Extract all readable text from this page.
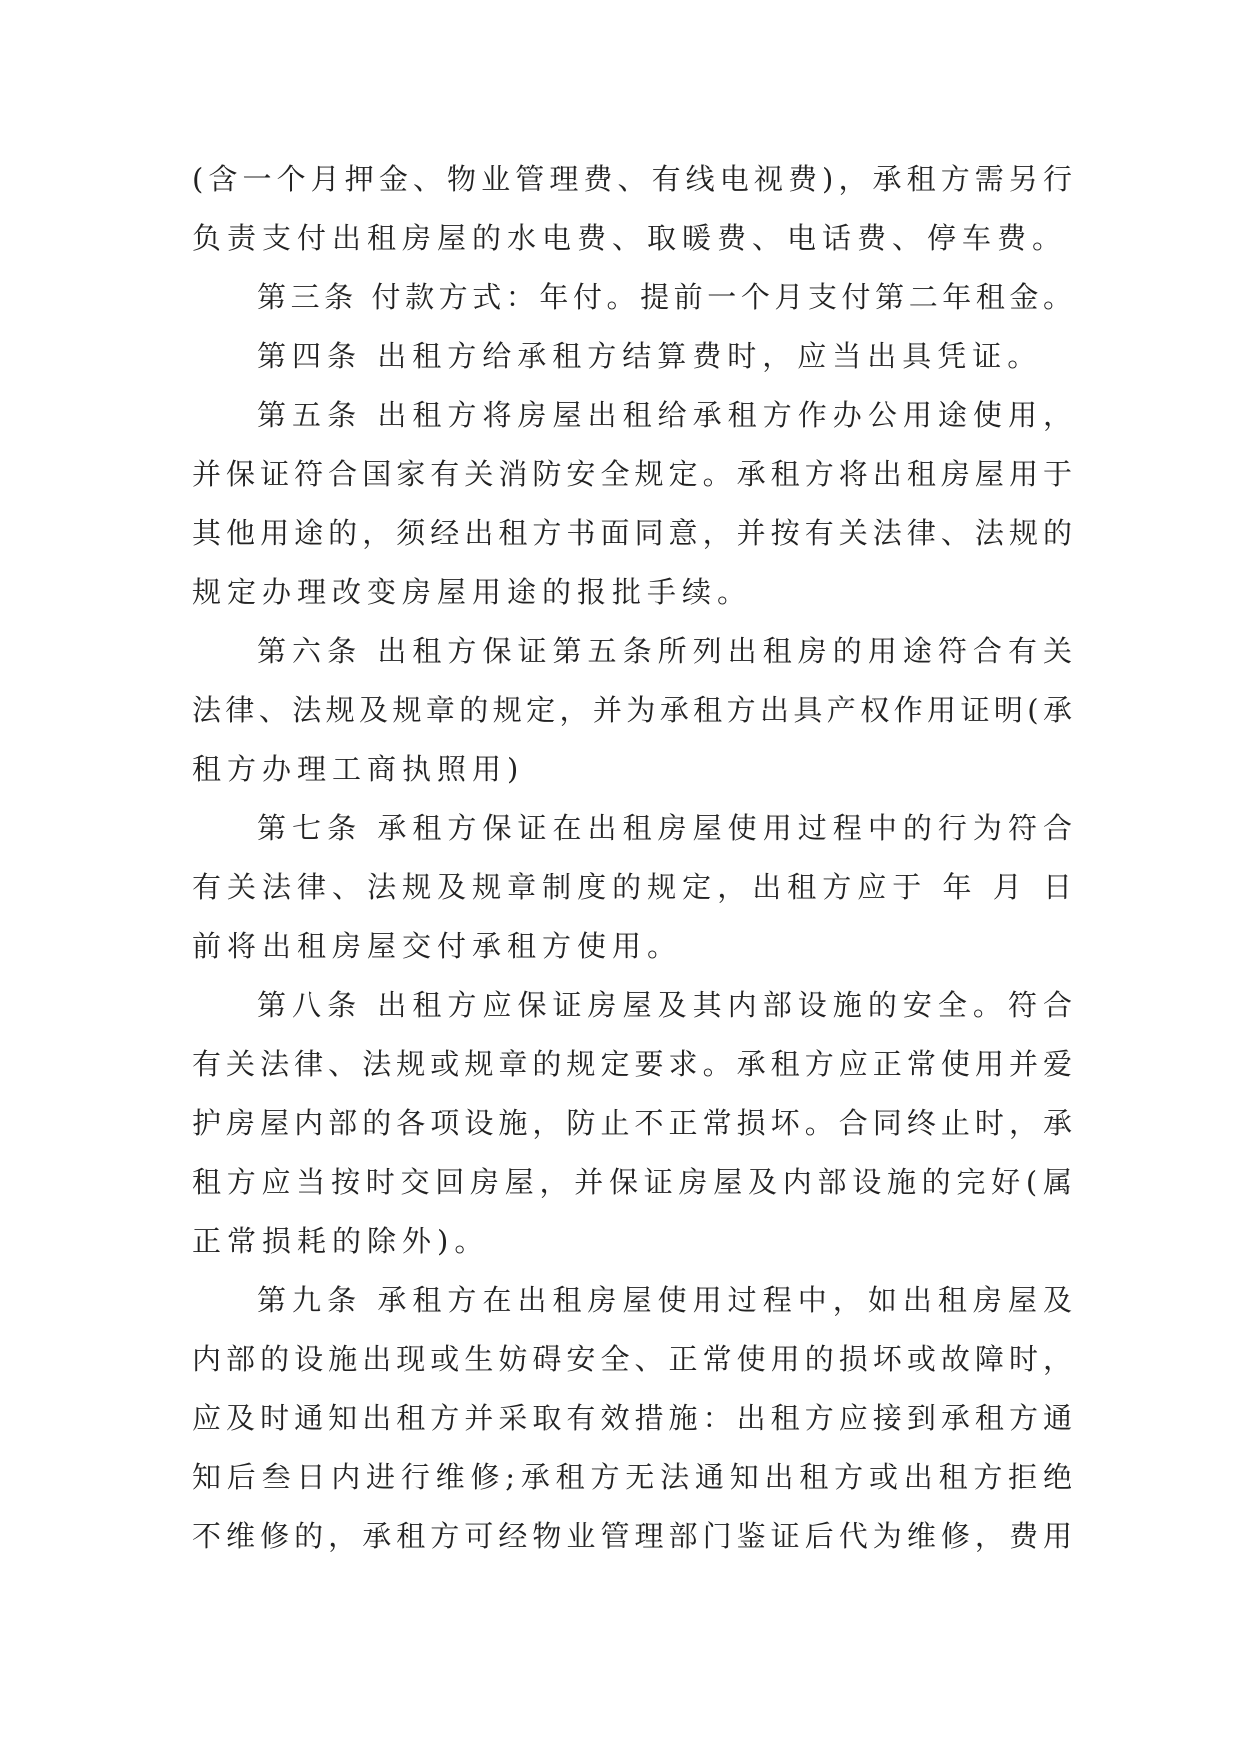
(含一个月押金、物业管理费、有线电视费)，承租方需另行
负责支付出租房屋的水电费、取暖费、电话费、停车费。
第三条 付款方式：年付。提前一个月支付第二年租金。
第四条 出租方给承租方结算费时，应当出具凭证。
第五条 出租方将房屋出租给承租方作办公用途使用，
并保证符合国家有关消防安全规定。承租方将出租房屋用于
其他用途的，须经出租方书面同意，并按有关法律、法规的
规定办理改变房屋用途的报批手续。
第六条 出租方保证第五条所列出租房的用途符合有关
法律、法规及规章的规定，并为承租方出具产权作用证明(承
租方办理工商执照用)
第七条 承租方保证在出租房屋使用过程中的行为符合
有关法律、法规及规章制度的规定，出租方应于 年 月 日
前将出租房屋交付承租方使用。
第八条 出租方应保证房屋及其内部设施的安全。符合
有关法律、法规或规章的规定要求。承租方应正常使用并爱
护房屋内部的各项设施，防止不正常损坏。合同终止时，承
租方应当按时交回房屋，并保证房屋及内部设施的完好(属
正常损耗的除外)。
第九条 承租方在出租房屋使用过程中，如出租房屋及
内部的设施出现或生妨碍安全、正常使用的损坏或故障时，
应及时通知出租方并采取有效措施：出租方应接到承租方通
知后叁日内进行维修;承租方无法通知出租方或出租方拒绝
不维修的，承租方可经物业管理部门鉴证后代为维修，费用
